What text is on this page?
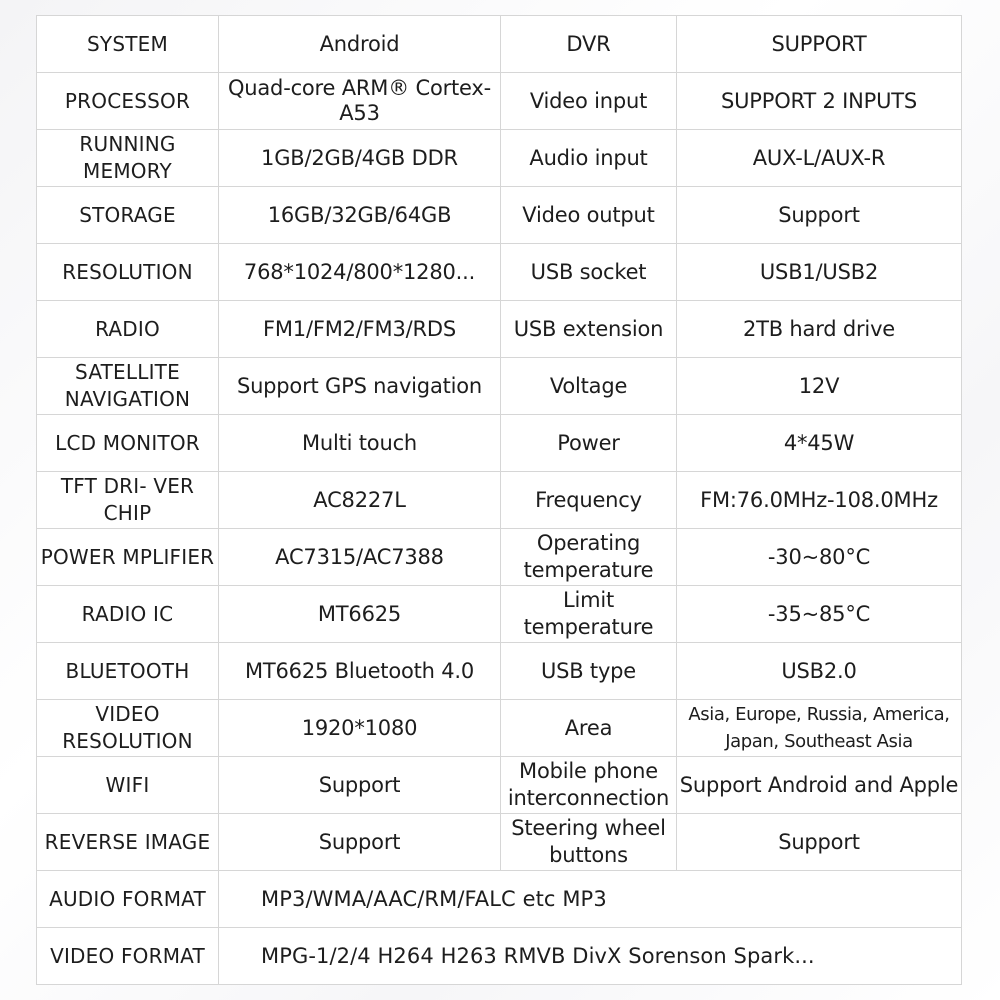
SYSTEM	Android	DVR	SUPPORT
PROCESSOR	Quad-core ARM® Cortex-A53	Video input	SUPPORT 2 INPUTS
RUNNING MEMORY	1GB/2GB/4GB DDR	Audio input	AUX-L/AUX-R
STORAGE	16GB/32GB/64GB	Video output	Support
RESOLUTION	768*1024/800*1280...	USB socket	USB1/USB2
RADIO	FM1/FM2/FM3/RDS	USB extension	2TB hard drive
SATELLITE NAVIGATION	Support GPS navigation	Voltage	12V
LCD MONITOR	Multi touch	Power	4*45W
TFT DRI- VER CHIP	AC8227L	Frequency	FM:76.0MHz-108.0MHz
POWER MPLIFIER	AC7315/AC7388	Operating temperature	-30~80°C
RADIO IC	MT6625	Limit temperature	-35~85°C
BLUETOOTH	MT6625 Bluetooth 4.0	USB type	USB2.0
VIDEO RESOLUTION	1920*1080	Area	Asia, Europe, Russia, America, Japan, Southeast Asia
WIFI	Support	Mobile phone interconnection	Support Android and Apple
REVERSE IMAGE	Support	Steering wheel buttons	Support
AUDIO FORMAT	MP3/WMA/AAC/RM/FALC etc MP3		
VIDEO FORMAT	MPG-1/2/4 H264 H263 RMVB DivX Sorenson Spark...		
